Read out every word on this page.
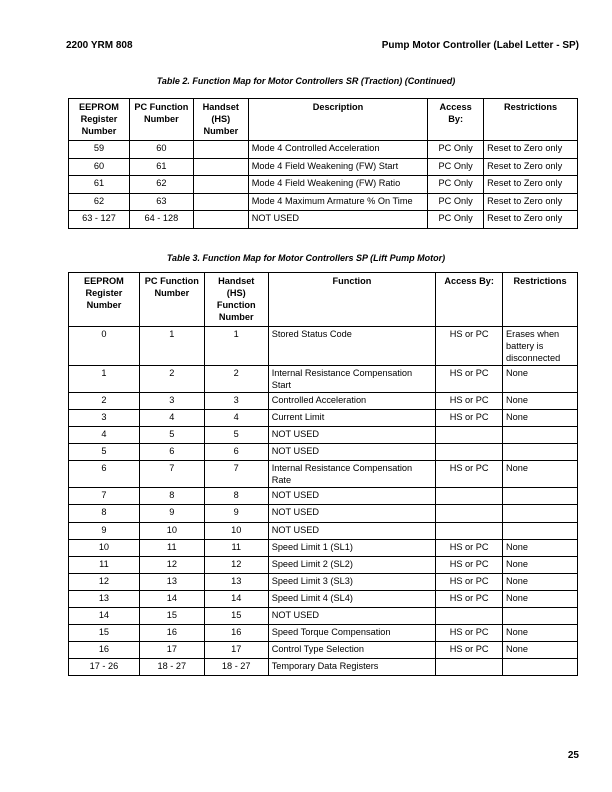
2200 YRM 808	Pump Motor Controller (Label Letter - SP)
Table 2. Function Map for Motor Controllers SR (Traction) (Continued)
EEPROM Register Number	PC Function Number	Handset (HS) Number	Description	Access By:	Restrictions
59	60		Mode 4 Controlled Acceleration	PC Only	Reset to Zero only
60	61		Mode 4 Field Weakening (FW) Start	PC Only	Reset to Zero only
61	62		Mode 4 Field Weakening (FW) Ratio	PC Only	Reset to Zero only
62	63		Mode 4 Maximum Armature % On Time	PC Only	Reset to Zero only
63 - 127	64 - 128		NOT USED	PC Only	Reset to Zero only
Table 3. Function Map for Motor Controllers SP (Lift Pump Motor)
EEPROM Register Number	PC Function Number	Handset (HS) Function Number	Function	Access By:	Restrictions
0	1	1	Stored Status Code	HS or PC	Erases when battery is disconnected
1	2	2	Internal Resistance Compensation Start	HS or PC	None
2	3	3	Controlled Acceleration	HS or PC	None
3	4	4	Current Limit	HS or PC	None
4	5	5	NOT USED		
5	6	6	NOT USED		
6	7	7	Internal Resistance Compensation Rate	HS or PC	None
7	8	8	NOT USED		
8	9	9	NOT USED		
9	10	10	NOT USED		
10	11	11	Speed Limit 1 (SL1)	HS or PC	None
11	12	12	Speed Limit 2 (SL2)	HS or PC	None
12	13	13	Speed Limit 3 (SL3)	HS or PC	None
13	14	14	Speed Limit 4 (SL4)	HS or PC	None
14	15	15	NOT USED		
15	16	16	Speed Torque Compensation	HS or PC	None
16	17	17	Control Type Selection	HS or PC	None
17 - 26	18 - 27	18 - 27	Temporary Data Registers		
25
